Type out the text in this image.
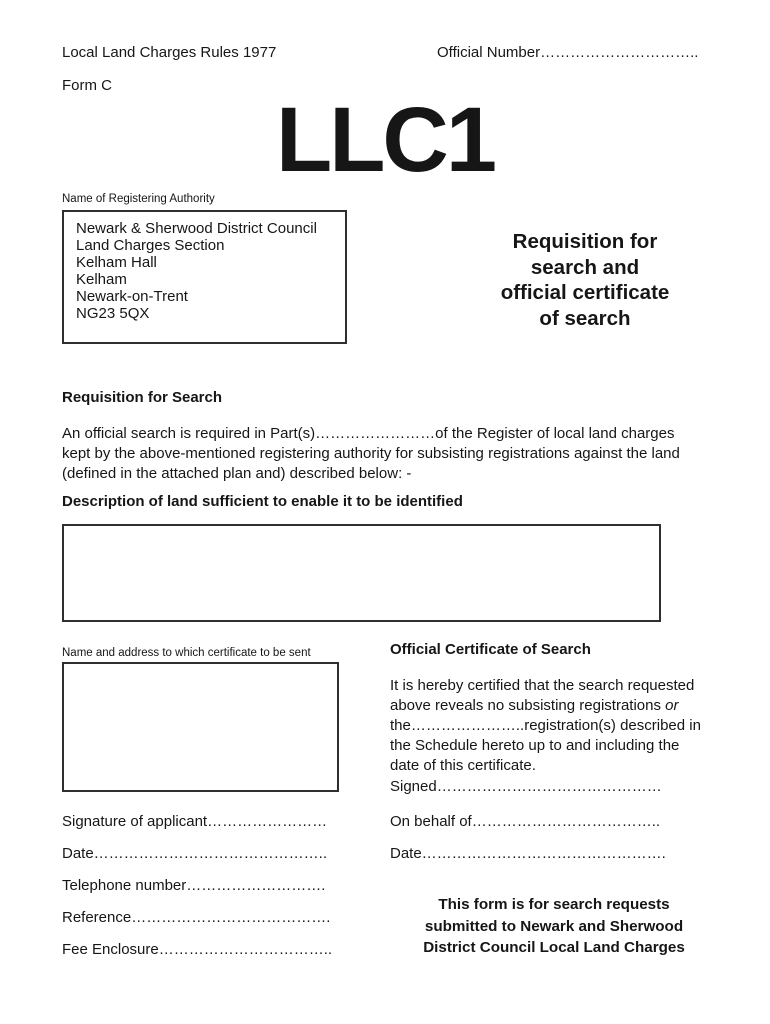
Local Land Charges Rules 1977	Official Number…………………………..
Form C
LLC1
Name of Registering Authority
Newark & Sherwood District Council
Land Charges Section
Kelham Hall
Kelham
Newark-on-Trent
NG23 5QX
Requisition for
search and
official certificate
of search
Requisition for Search
An official search is required in Part(s)……………………of the Register of local land charges
kept by the above-mentioned registering authority for subsisting registrations against the land
(defined in the attached plan and) described below: -
Description of land sufficient to enable it to be identified
Name and address to which certificate to be sent
Signature of applicant……………………
Date………………………………………..
Telephone number……………………….
Reference………………………………….
Fee Enclosure……………………………..
Official Certificate of Search
It is hereby certified that the search requested
above reveals no subsisting registrations or
the…………………..registration(s) described in
the Schedule hereto up to and including the
date of this certificate.
Signed………………………………………
On behalf of………………………………..
Date………………………………………….
This form is for search requests
submitted to Newark and Sherwood
District Council Local Land Charges
